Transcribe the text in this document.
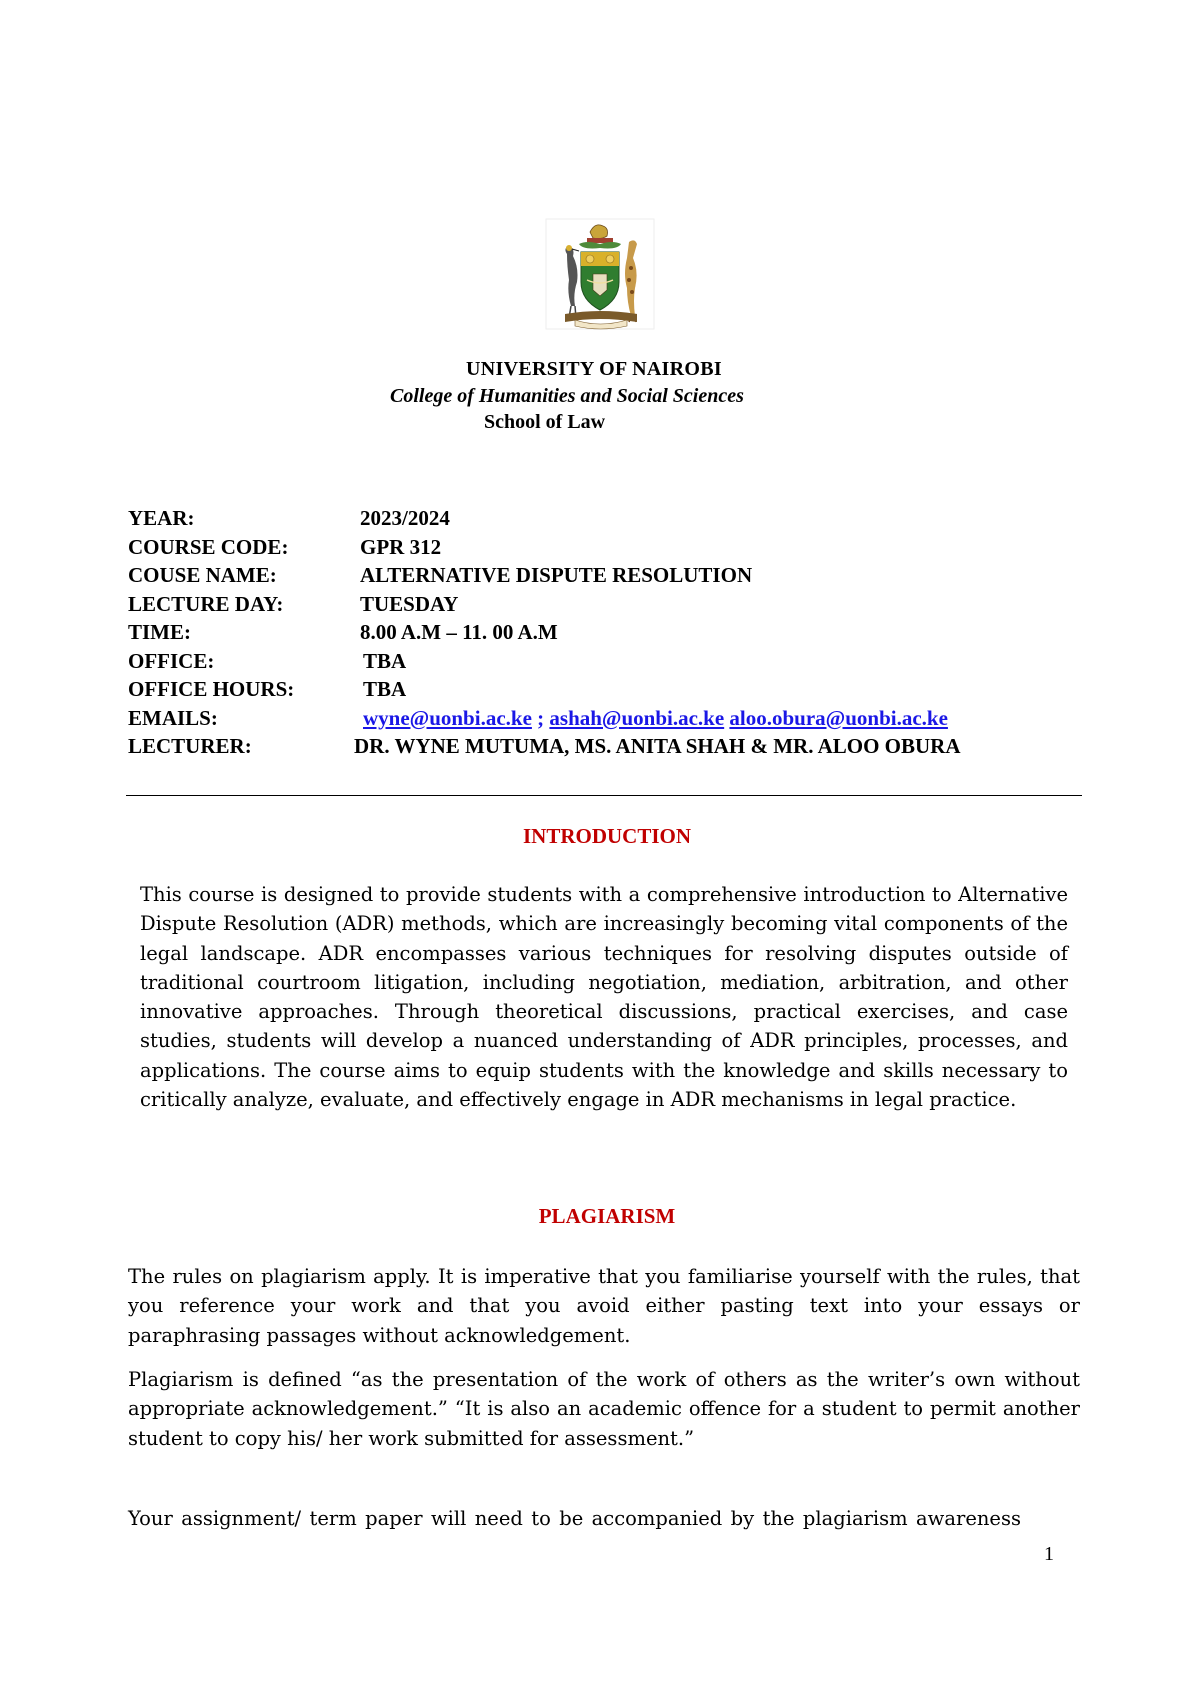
UNIVERSITY OF NAIROBI
College of Humanities and Social Sciences
School of Law
YEAR:	2023/2024
COURSE CODE:	GPR 312
COUSE NAME:	ALTERNATIVE DISPUTE RESOLUTION
LECTURE DAY:	TUESDAY
TIME:	8.00 A.M – 11. 00 A.M
OFFICE:	TBA
OFFICE HOURS:	TBA
EMAILS:	wyne@uonbi.ac.ke ; ashah@uonbi.ac.ke aloo.obura@uonbi.ac.ke
LECTURER:	DR. WYNE MUTUMA, MS. ANITA SHAH & MR. ALOO OBURA
INTRODUCTION
This course is designed to provide students with a comprehensive introduction to Alternative Dispute Resolution (ADR) methods, which are increasingly becoming vital components of the legal landscape. ADR encompasses various techniques for resolving disputes outside of traditional courtroom litigation, including negotiation, mediation, arbitration, and other innovative approaches. Through theoretical discussions, practical exercises, and case studies, students will develop a nuanced understanding of ADR principles, processes, and applications. The course aims to equip students with the knowledge and skills necessary to critically analyze, evaluate, and effectively engage in ADR mechanisms in legal practice.
PLAGIARISM
The rules on plagiarism apply. It is imperative that you familiarise yourself with the rules, that you reference your work and that you avoid either pasting text into your essays or paraphrasing passages without acknowledgement.
Plagiarism is defined “as the presentation of the work of others as the writer’s own without appropriate acknowledgement.” “It is also an academic offence for a student to permit another student to copy his/ her work submitted for assessment.”
Your assignment/ term paper will need to be accompanied by the plagiarism awareness
1
